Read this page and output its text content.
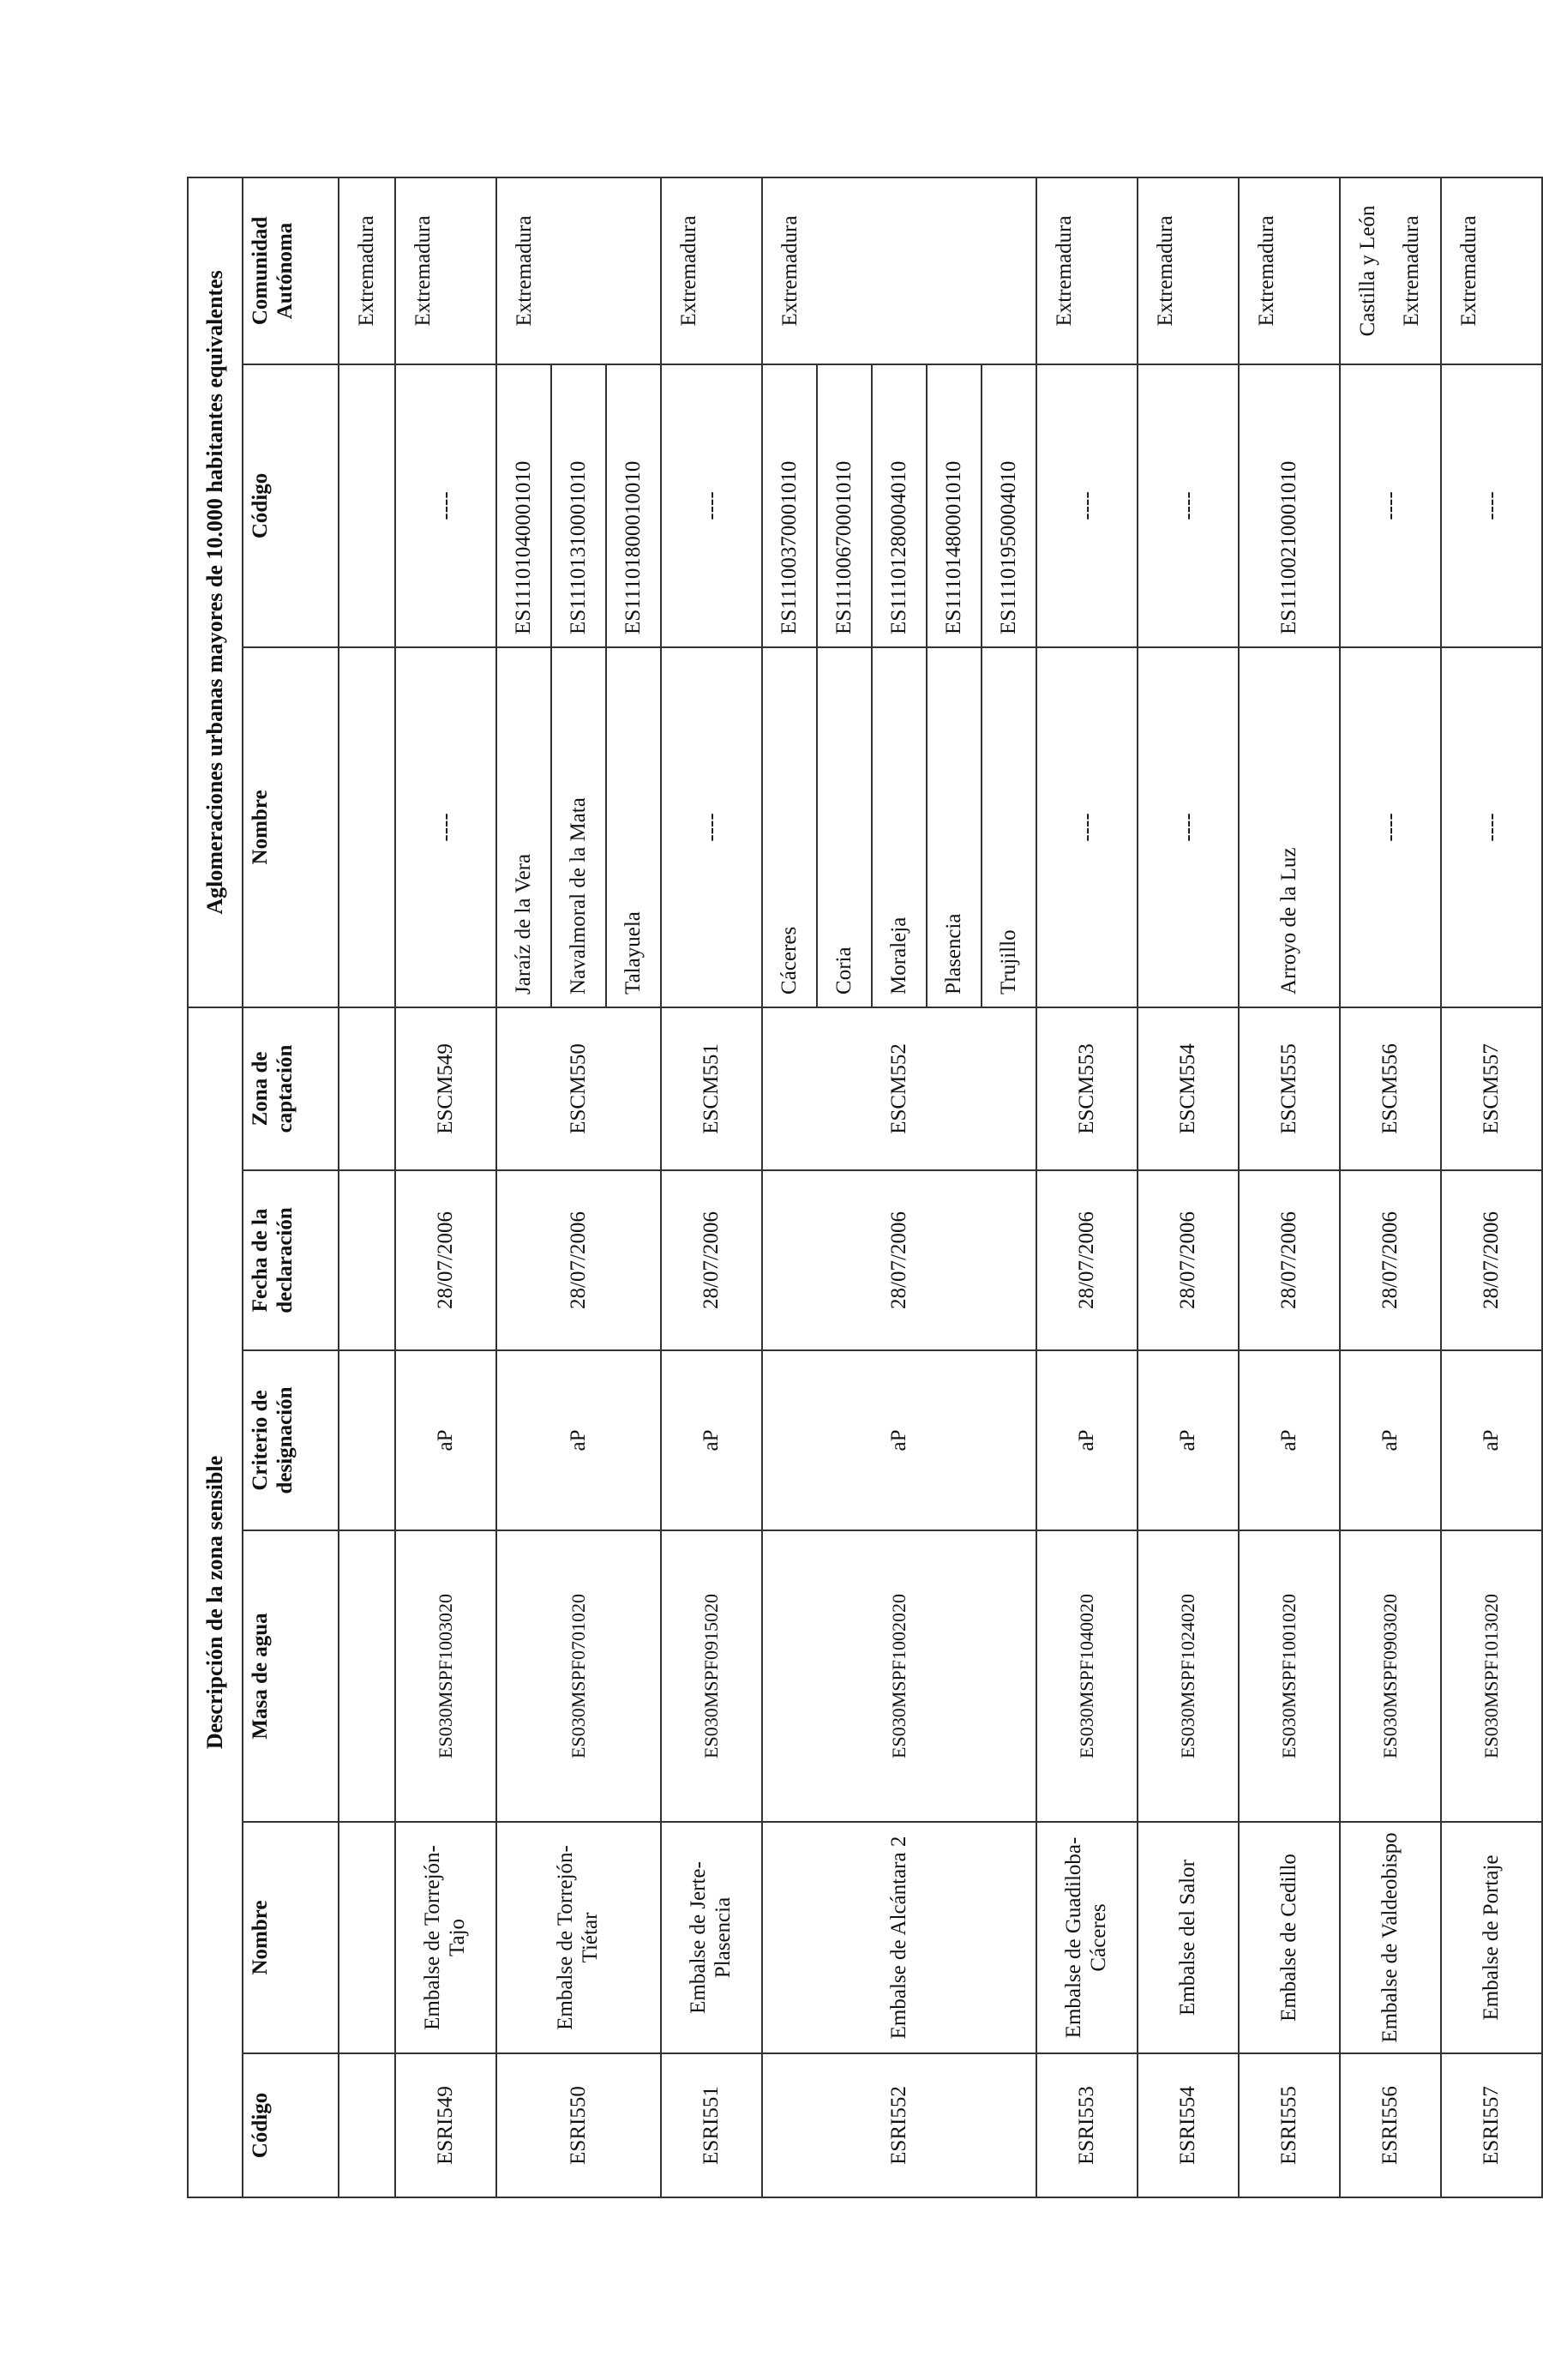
Descripción de la zona sensible						Aglomeraciones urbanas mayores de 10.000 habitantes equivalentes		
Código	Nombre	Masa de agua	Criterio de designación	Fecha de la declaración	Zona de captación	Nombre	Código	Comunidad Autónoma
								Extremadura
ESRI549	Embalse de Torrejón-Tajo	ES030MSPF1003020	aP	28/07/2006	ESCM549	----	----	Extremadura

ESRI550	Embalse de Torrejón-Tiétar	ES030MSPF0701020	aP	28/07/2006	ESCM550	Jaraíz de la Vera	ES11101040001010	Extremadura

						Navalmoral de la Mata	ES11101310001010	
						Talayuela	ES11101800010010	
ESRI551	Embalse de Jerte-Plasencia	ES030MSPF0915020	aP	28/07/2006	ESCM551	----	----	Extremadura

ESRI552	Embalse de Alcántara 2	ES030MSPF1002020	aP	28/07/2006	ESCM552	Cáceres	ES11100370001010	Extremadura

						Coria	ES11100670001010	
						Moraleja	ES11101280004010	
						Plasencia	ES11101480001010	
						Trujillo	ES11101950004010	
ESRI553	Embalse de Guadiloba-Cáceres	ES030MSPF1040020	aP	28/07/2006	ESCM553	----	----	Extremadura

ESRI554	Embalse del Salor	ES030MSPF1024020	aP	28/07/2006	ESCM554	----	----	Extremadura

ESRI555	Embalse de Cedillo	ES030MSPF1001020	aP	28/07/2006	ESCM555	Arroyo de la Luz	ES11100210001010	Extremadura

ESRI556	Embalse de Valdeobispo	ES030MSPF0903020	aP	28/07/2006	ESCM556	----	----	Castilla y León Extremadura

ESRI557	Embalse de Portaje	ES030MSPF1013020	aP	28/07/2006	ESCM557	----	----	Extremadura
